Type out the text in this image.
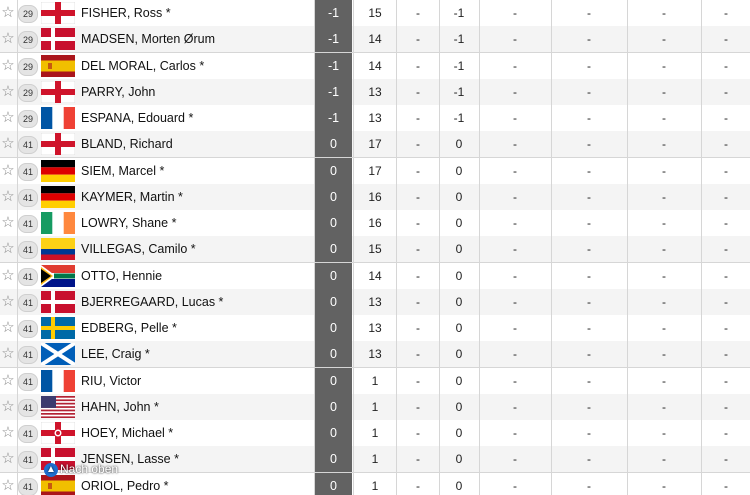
☆ 29	FISHER, Ross *	-1	15	-	-1	-	-	-	-
☆ 29	MADSEN, Morten Ørum	-1	14	-	-1	-	-	-	-
☆ 29	DEL MORAL, Carlos *	-1	14	-	-1	-	-	-	-
☆ 29	PARRY, John	-1	13	-	-1	-	-	-	-
☆ 29	ESPANA, Edouard *	-1	13	-	-1	-	-	-	-
☆ 41	BLAND, Richard	0	17	-	0	-	-	-	-
☆ 41	SIEM, Marcel *	0	17	-	0	-	-	-	-
☆ 41	KAYMER, Martin *	0	16	-	0	-	-	-	-
☆ 41	LOWRY, Shane *	0	16	-	0	-	-	-	-
☆ 41	VILLEGAS, Camilo *	0	15	-	0	-	-	-	-
☆ 41	OTTO, Hennie	0	14	-	0	-	-	-	-
☆ 41	BJERREGAARD, Lucas *	0	13	-	0	-	-	-	-
☆ 41	EDBERG, Pelle *	0	13	-	0	-	-	-	-
☆ 41	LEE, Craig *	0	13	-	0	-	-	-	-
☆ 41	RIU, Victor	0	1	-	0	-	-	-	-
☆ 41	HAHN, John *	0	1	-	0	-	-	-	-
☆ 41	HOEY, Michael *	0	1	-	0	-	-	-	-
☆ 41	JENSEN, Lasse *	0	1	-	0	-	-	-	-
☆ 41	ORIOL, Pedro *	0	1	-	0	-	-	-	-
▲ Nach oben
